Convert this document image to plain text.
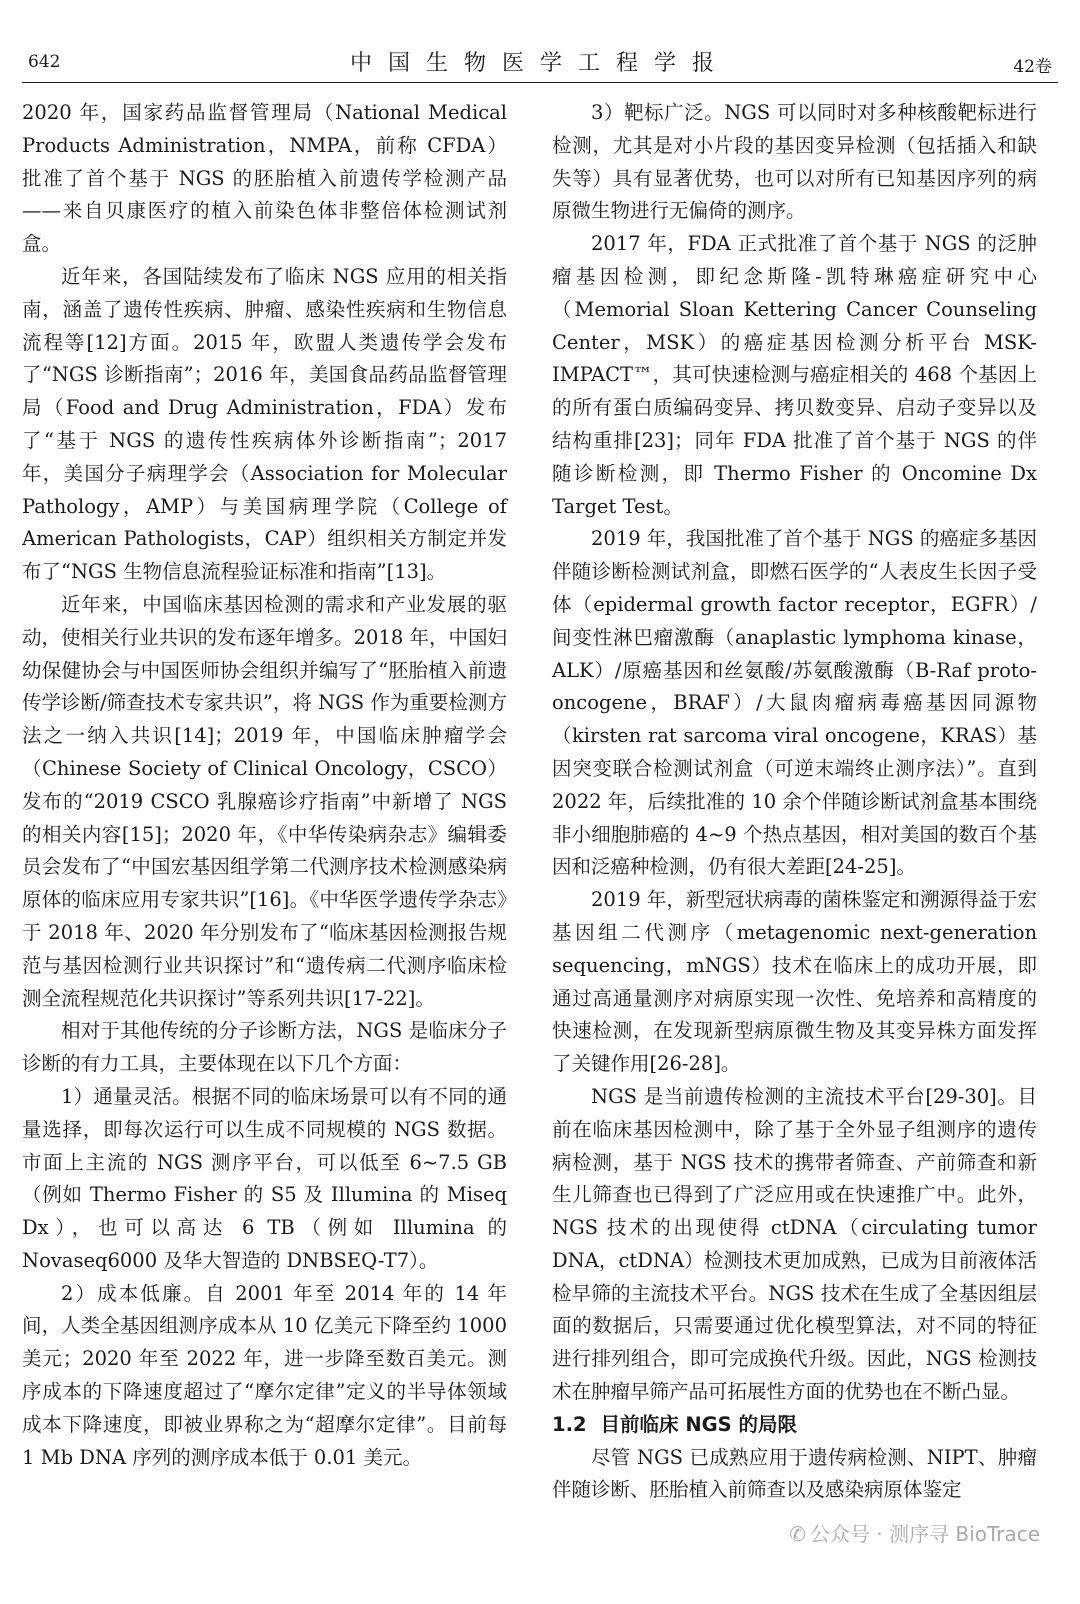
642	中国生物医学工程学报	42卷

2020 年，国家药品监督管理局（National Medical Products Administration，NMPA，前称 CFDA）批准了首个基于 NGS 的胚胎植入前遗传学检测产品——来自贝康医疗的植入前染色体非整倍体检测试剂盒。

近年来，各国陆续发布了临床 NGS 应用的相关指南，涵盖了遗传性疾病、肿瘤、感染性疾病和生物信息流程等[12]方面。2015 年，欧盟人类遗传学会发布了“NGS 诊断指南”；2016 年，美国食品药品监督管理局（Food and Drug Administration，FDA）发布了“基于 NGS 的遗传性疾病体外诊断指南”；2017 年，美国分子病理学会（Association for Molecular Pathology，AMP）与美国病理学院（College of American Pathologists，CAP）组织相关方制定并发布了“NGS 生物信息流程验证标准和指南”[13]。

近年来，中国临床基因检测的需求和产业发展的驱动，使相关行业共识的发布逐年增多。2018 年，中国妇幼保健协会与中国医师协会组织并编写了“胚胎植入前遗传学诊断/筛查技术专家共识”，将 NGS 作为重要检测方法之一纳入共识[14]；2019 年，中国临床肿瘤学会（Chinese Society of Clinical Oncology，CSCO）发布的“2019 CSCO 乳腺癌诊疗指南”中新增了 NGS 的相关内容[15]；2020 年，《中华传染病杂志》编辑委员会发布了“中国宏基因组学第二代测序技术检测感染病原体的临床应用专家共识”[16]。《中华医学遗传学杂志》于 2018 年、2020 年分别发布了“临床基因检测报告规范与基因检测行业共识探讨”和“遗传病二代测序临床检测全流程规范化共识探讨”等系列共识[17-22]。

相对于其他传统的分子诊断方法，NGS 是临床分子诊断的有力工具，主要体现在以下几个方面：

1）通量灵活。根据不同的临床场景可以有不同的通量选择，即每次运行可以生成不同规模的 NGS 数据。市面上主流的 NGS 测序平台，可以低至 6~7.5 GB（例如 Thermo Fisher 的 S5 及 Illumina 的 Miseq Dx），也可以高达 6 TB（例如 Illumina 的 Novaseq6000 及华大智造的 DNBSEQ-T7）。

2）成本低廉。自 2001 年至 2014 年的 14 年间，人类全基因组测序成本从 10 亿美元下降至约 1000 美元；2020 年至 2022 年，进一步降至数百美元。测序成本的下降速度超过了“摩尔定律”定义的半导体领域成本下降速度，即被业界称之为“超摩尔定律”。目前每 1 Mb DNA 序列的测序成本低于 0.01 美元。

3）靶标广泛。NGS 可以同时对多种核酸靶标进行检测，尤其是对小片段的基因变异检测（包括插入和缺失等）具有显著优势，也可以对所有已知基因序列的病原微生物进行无偏倚的测序。

2017 年，FDA 正式批准了首个基于 NGS 的泛肿瘤基因检测，即纪念斯隆-凯特琳癌症研究中心（Memorial Sloan Kettering Cancer Counseling Center，MSK）的癌症基因检测分析平台 MSK-IMPACT™，其可快速检测与癌症相关的 468 个基因上的所有蛋白质编码变异、拷贝数变异、启动子变异以及结构重排[23]；同年 FDA 批准了首个基于 NGS 的伴随诊断检测，即 Thermo Fisher 的 Oncomine Dx Target Test。

2019 年，我国批准了首个基于 NGS 的癌症多基因伴随诊断检测试剂盒，即燃石医学的“人表皮生长因子受体（epidermal growth factor receptor，EGFR）/间变性淋巴瘤激酶（anaplastic lymphoma kinase，ALK）/原癌基因和丝氨酸/苏氨酸激酶（B-Raf proto-oncogene，BRAF）/大鼠肉瘤病毒癌基因同源物（kirsten rat sarcoma viral oncogene，KRAS）基因突变联合检测试剂盒（可逆末端终止测序法）”。直到 2022 年，后续批准的 10 余个伴随诊断试剂盒基本围绕非小细胞肺癌的 4~9 个热点基因，相对美国的数百个基因和泛癌种检测，仍有很大差距[24-25]。

2019 年，新型冠状病毒的菌株鉴定和溯源得益于宏基因组二代测序（metagenomic next-generation sequencing，mNGS）技术在临床上的成功开展，即通过高通量测序对病原实现一次性、免培养和高精度的快速检测，在发现新型病原微生物及其变异株方面发挥了关键作用[26-28]。

NGS 是当前遗传检测的主流技术平台[29-30]。目前在临床基因检测中，除了基于全外显子组测序的遗传病检测，基于 NGS 技术的携带者筛查、产前筛查和新生儿筛查也已得到了广泛应用或在快速推广中。此外，NGS 技术的出现使得 ctDNA（circulating tumor DNA，ctDNA）检测技术更加成熟，已成为目前液体活检早筛的主流技术平台。NGS 技术在生成了全基因组层面的数据后，只需要通过优化模型算法，对不同的特征进行排列组合，即可完成换代升级。因此，NGS 检测技术在肿瘤早筛产品可拓展性方面的优势也在不断凸显。

1.2 目前临床 NGS 的局限

尽管 NGS 已成熟应用于遗传病检测、NIPT、肿瘤伴随诊断、胚胎植入前筛查以及感染病原体鉴定

✆ 公众号 · 测序寻 BioTrace
